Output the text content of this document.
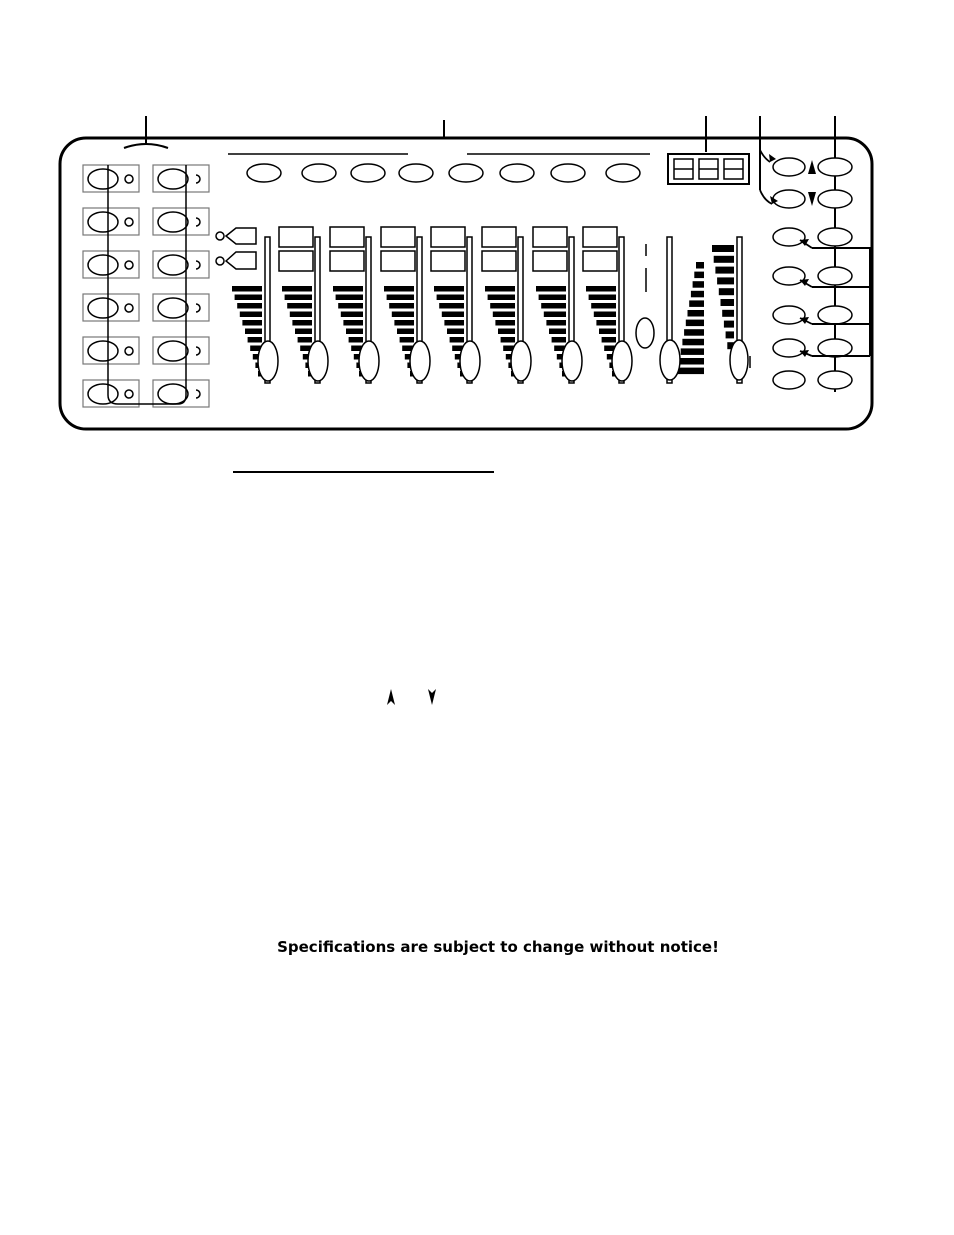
Specifications are subject to change without notice!
